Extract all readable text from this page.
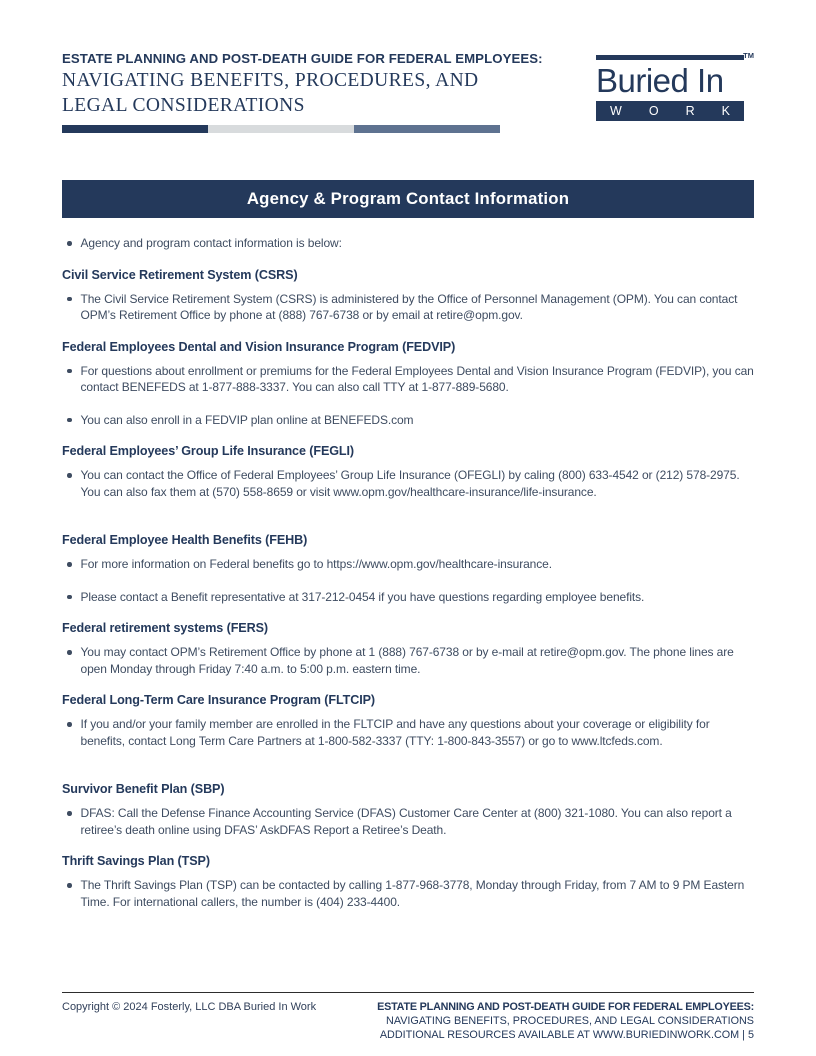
ESTATE PLANNING AND POST-DEATH GUIDE FOR FEDERAL EMPLOYEES:
NAVIGATING BENEFITS, PROCEDURES, AND
LEGAL CONSIDERATIONS
TM
Buried In
W O R K
Agency & Program Contact Information

Agency and program contact information is below:

Civil Service Retirement System (CSRS)

The Civil Service Retirement System (CSRS) is administered by the Office of Personnel Management (OPM). You can contact OPM’s Retirement Office by phone at (888) 767-6738 or by email at retire@opm.gov.

Federal Employees Dental and Vision Insurance Program (FEDVIP)

For questions about enrollment or premiums for the Federal Employees Dental and Vision Insurance Program (FEDVIP), you can contact BENEFEDS at 1-877-888-3337. You can also call TTY at 1-877-889-5680.

You can also enroll in a FEDVIP plan online at BENEFEDS.com

Federal Employees’ Group Life Insurance (FEGLI)

You can contact the Office of Federal Employees’ Group Life Insurance (OFEGLI) by caling (800) 633-4542 or (212) 578-2975. You can also fax them at (570) 558-8659 or visit www.opm.gov/healthcare-insurance/life-insurance.

Federal Employee Health Benefits (FEHB)

For more information on Federal benefits go to https://www.opm.gov/healthcare-insurance.

Please contact a Benefit representative at 317-212-0454 if you have questions regarding employee benefits.

Federal retirement systems (FERS)

You may contact OPM’s Retirement Office by phone at 1 (888) 767-6738 or by e-mail at retire@opm.gov. The phone lines are open Monday through Friday 7:40 a.m. to 5:00 p.m. eastern time.

Federal Long-Term Care Insurance Program (FLTCIP)

If you and/or your family member are enrolled in the FLTCIP and have any questions about your coverage or eligibility for benefits, contact Long Term Care Partners at 1-800-582-3337 (TTY: 1-800-843-3557) or go to www.ltcfeds.com.

Survivor Benefit Plan (SBP)

DFAS: Call the Defense Finance Accounting Service (DFAS) Customer Care Center at (800) 321-1080. You can also report a retiree’s death online using DFAS’ AskDFAS Report a Retiree’s Death.

Thrift Savings Plan (TSP)

The Thrift Savings Plan (TSP) can be contacted by calling 1-877-968-3778, Monday through Friday, from 7 AM to 9 PM Eastern Time. For international callers, the number is (404) 233-4400.

Copyright © 2024 Fosterly, LLC DBA Buried In Work	ESTATE PLANNING AND POST-DEATH GUIDE FOR FEDERAL EMPLOYEES:
NAVIGATING BENEFITS, PROCEDURES, AND LEGAL CONSIDERATIONS
ADDITIONAL RESOURCES AVAILABLE AT WWW.BURIEDINWORK.COM | 5
